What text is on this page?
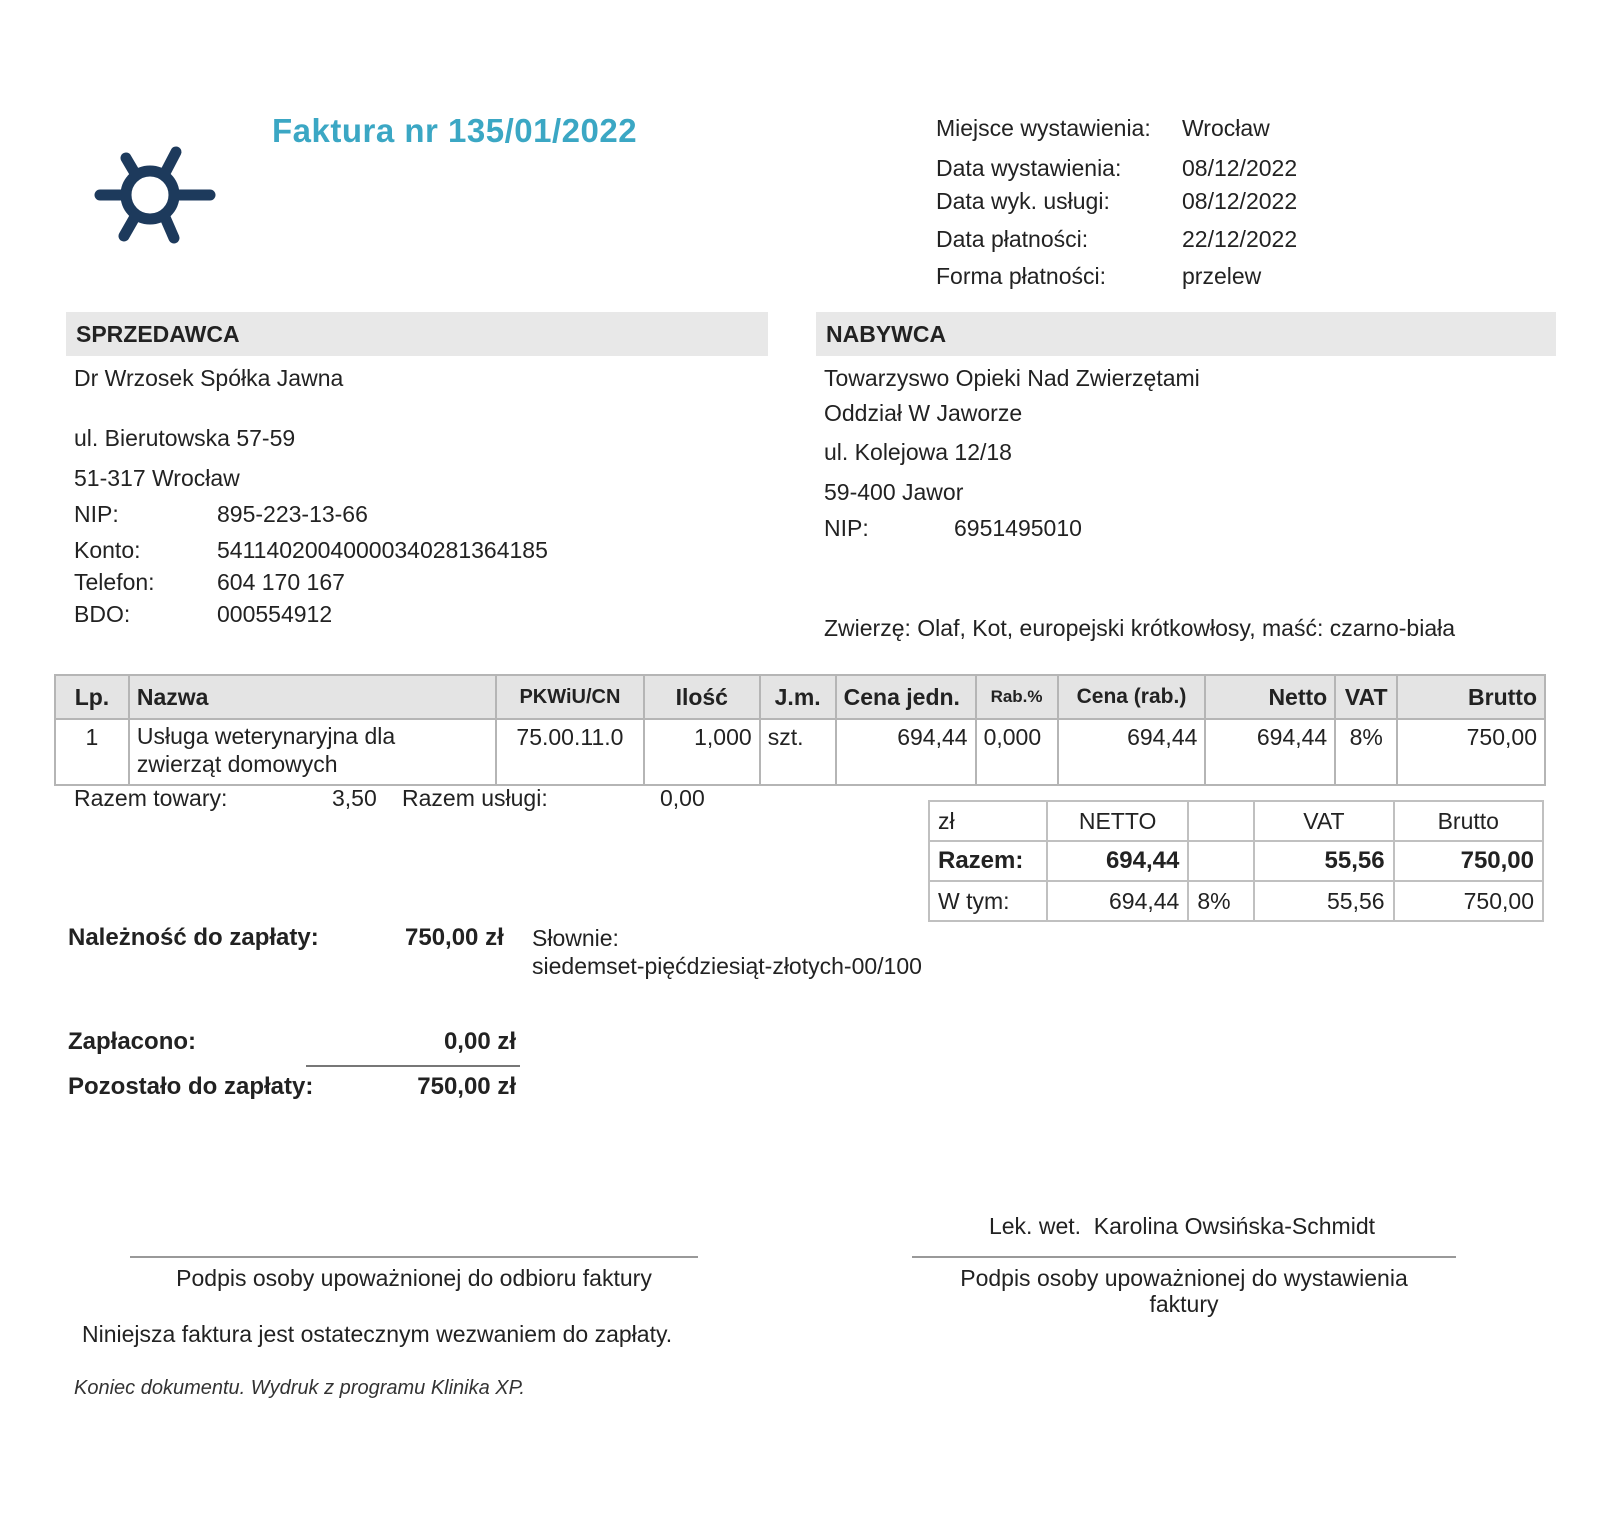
Faktura nr 135/01/2022	Miejsce wystawienia: Wrocław
Data wystawienia:	08/12/2022
Data wyk. usługi:	08/12/2022
Data płatności:	22/12/2022
Forma płatności:	przelew
SPRZEDAWCA	NABYWCA
Dr Wrzosek Spółka Jawna
ul. Bierutowska 57-59
51-317 Wrocław
NIP:	895-223-13-66
Konto:	54114020040000340281364185
Telefon:	604 170 167
BDO:	000554912
Towarzyswo Opieki Nad Zwierzętami
Oddział W Jaworze
ul. Kolejowa 12/18
59-400 Jawor
NIP:	6951495010
Zwierzę: Olaf, Kot, europejski krótkowłosy, maść: czarno-biała
Lp.	Nazwa	PKWiU/CN	Ilość	J.m.	Cena jedn.	Rab.%	Cena (rab.)	Netto	VAT	Brutto
1	Usługa weterynaryjna dla
zwierząt domowych	75.00.11.0	1,000	szt.	694,44	0,000	694,44	694,44	8%	750,00
Razem towary:	3,50 Razem usługi:	0,00
zł	NETTO		VAT	Brutto
Razem:	694,44		55,56	750,00
W tym:	694,44	8%	55,56	750,00
Należność do zapłaty:	750,00 zł Słownie:
siedemset-pięćdziesiąt-złotych-00/100
Zapłacono:	0,00 zł
Pozostało do zapłaty:	750,00 zł
Lek. wet.  Karolina Owsińska-Schmidt
Podpis osoby upoważnionej do odbioru faktury	Podpis osoby upoważnionej do wystawienia
faktury
Niniejsza faktura jest ostatecznym wezwaniem do zapłaty.
Koniec dokumentu. Wydruk z programu Klinika XP.
